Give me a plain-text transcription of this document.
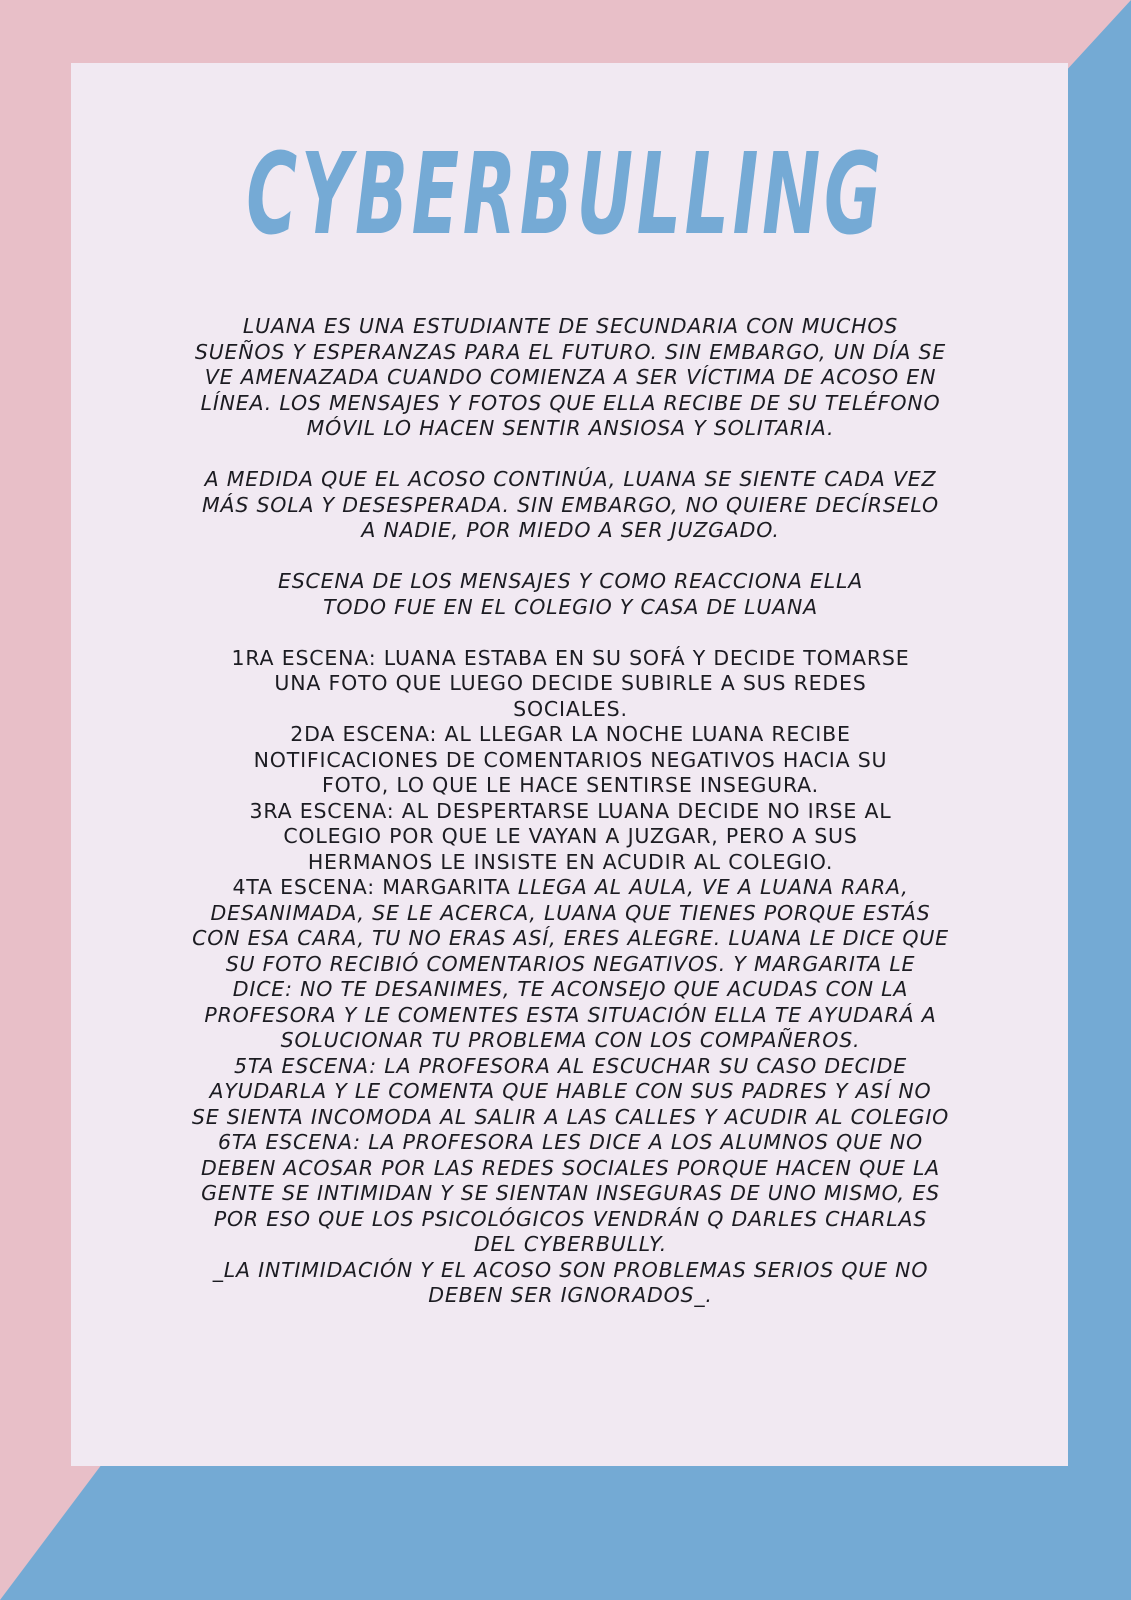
CYBERBULLING

LUANA ES UNA ESTUDIANTE DE SECUNDARIA CON MUCHOS

SUEÑOS Y ESPERANZAS PARA EL FUTURO. SIN EMBARGO, UN DÍA SE

VE AMENAZADA CUANDO COMIENZA A SER VÍCTIMA DE ACOSO EN

LÍNEA. LOS MENSAJES Y FOTOS QUE ELLA RECIBE DE SU TELÉFONO

MÓVIL LO HACEN SENTIR ANSIOSA Y SOLITARIA.

A MEDIDA QUE EL ACOSO CONTINÚA, LUANA SE SIENTE CADA VEZ

MÁS SOLA Y DESESPERADA. SIN EMBARGO, NO QUIERE DECÍRSELO

A NADIE, POR MIEDO A SER JUZGADO.

ESCENA DE LOS MENSAJES Y COMO REACCIONA ELLA

TODO FUE EN EL COLEGIO Y CASA DE LUANA

1RA ESCENA: LUANA ESTABA EN SU SOFÁ Y DECIDE TOMARSE

UNA FOTO QUE LUEGO DECIDE SUBIRLE A SUS REDES

SOCIALES.

2DA ESCENA: AL LLEGAR LA NOCHE LUANA RECIBE

NOTIFICACIONES DE COMENTARIOS NEGATIVOS HACIA SU

FOTO, LO QUE LE HACE SENTIRSE INSEGURA.

3RA ESCENA: AL DESPERTARSE LUANA DECIDE NO IRSE AL

COLEGIO POR QUE LE VAYAN A JUZGAR, PERO A SUS

HERMANOS LE INSISTE EN ACUDIR AL COLEGIO.

4TA ESCENA: MARGARITA LLEGA AL AULA, VE A LUANA RARA,

DESANIMADA, SE LE ACERCA, LUANA QUE TIENES PORQUE ESTÁS

CON ESA CARA, TU NO ERAS ASÍ, ERES ALEGRE. LUANA LE DICE QUE

SU FOTO RECIBIÓ COMENTARIOS NEGATIVOS. Y MARGARITA LE

DICE: NO TE DESANIMES, TE ACONSEJO QUE ACUDAS CON LA

PROFESORA Y LE COMENTES ESTA SITUACIÓN ELLA TE AYUDARÁ A

SOLUCIONAR TU PROBLEMA CON LOS COMPAÑEROS.

5TA ESCENA: LA PROFESORA AL ESCUCHAR SU CASO DECIDE

AYUDARLA Y LE COMENTA QUE HABLE CON SUS PADRES Y ASÍ NO

SE SIENTA INCOMODA AL SALIR A LAS CALLES Y ACUDIR AL COLEGIO

6TA ESCENA: LA PROFESORA LES DICE A LOS ALUMNOS QUE NO

DEBEN ACOSAR POR LAS REDES SOCIALES PORQUE HACEN QUE LA

GENTE SE INTIMIDAN Y SE SIENTAN INSEGURAS DE UNO MISMO, ES

POR ESO QUE LOS PSICOLÓGICOS VENDRÁN Q DARLES CHARLAS

DEL CYBERBULLY.

_LA INTIMIDACIÓN Y EL ACOSO SON PROBLEMAS SERIOS QUE NO

DEBEN SER IGNORADOS_.
